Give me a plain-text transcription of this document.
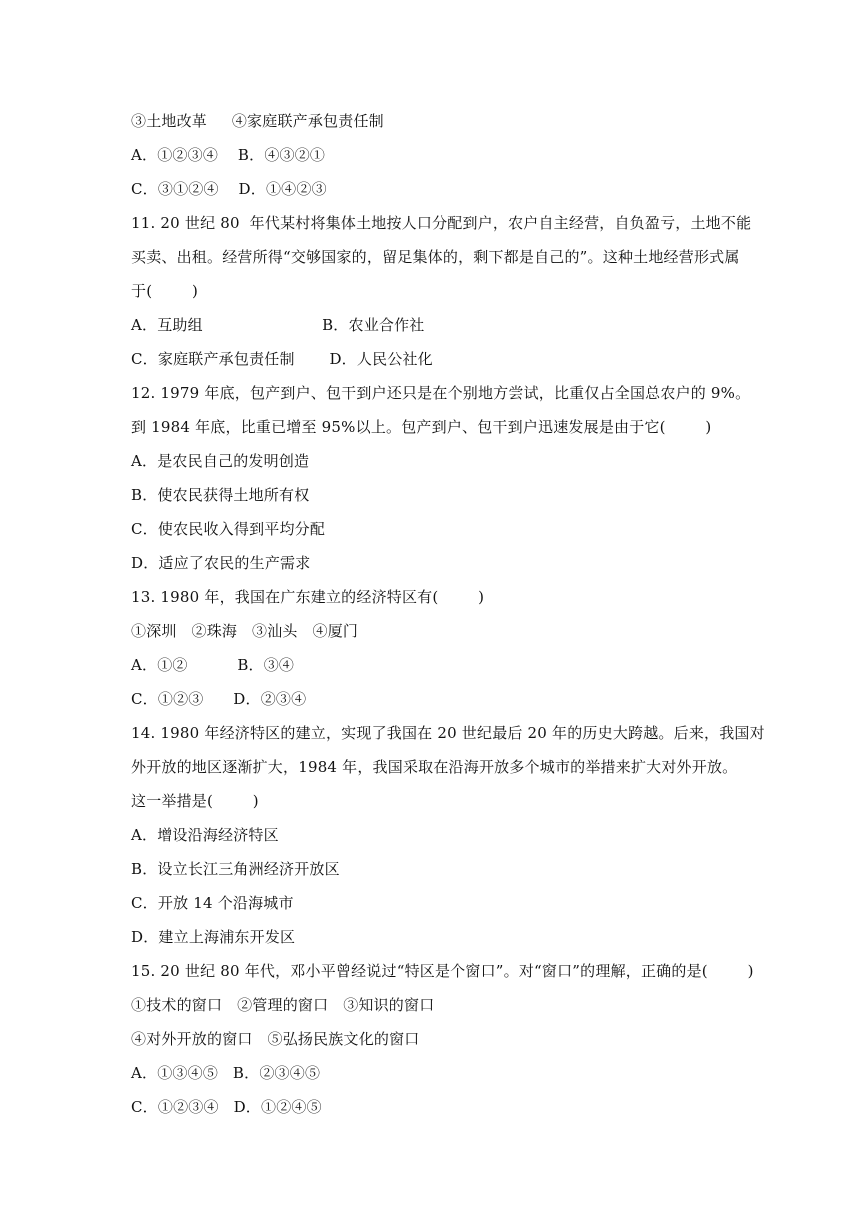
③土地改革     ④家庭联产承包责任制
A．①②③④    B．④③②①
C．③①②④    D．①④②③
11. 20 世纪 80  年代某村将集体土地按人口分配到户，农户自主经营，自负盈亏，土地不能
买卖、出租。经营所得“交够国家的，留足集体的，剩下都是自己的”。这种土地经营形式属
于(        )
A．互助组                        B．农业合作社
C．家庭联产承包责任制       D．人民公社化
12. 1979 年底，包产到户、包干到户还只是在个别地方尝试，比重仅占全国总农户的 9%。
到 1984 年底，比重已增至 95%以上。包产到户、包干到户迅速发展是由于它(        )
A．是农民自己的发明创造
B．使农民获得土地所有权
C．使农民收入得到平均分配
D．适应了农民的生产需求
13. 1980 年，我国在广东建立的经济特区有(        )
①深圳   ②珠海   ③汕头   ④厦门
A．①②          B．③④
C．①②③      D．②③④
14. 1980 年经济特区的建立，实现了我国在 20 世纪最后 20 年的历史大跨越。后来，我国对
外开放的地区逐渐扩大，1984 年，我国采取在沿海开放多个城市的举措来扩大对外开放。
这一举措是(        )
A．增设沿海经济特区
B．设立长江三角洲经济开放区
C．开放 14 个沿海城市
D．建立上海浦东开发区
15. 20 世纪 80 年代，邓小平曾经说过“特区是个窗口”。对“窗口”的理解，正确的是(        )
①技术的窗口   ②管理的窗口   ③知识的窗口
④对外开放的窗口   ⑤弘扬民族文化的窗口
A．①③④⑤   B．②③④⑤
C．①②③④   D．①②④⑤
